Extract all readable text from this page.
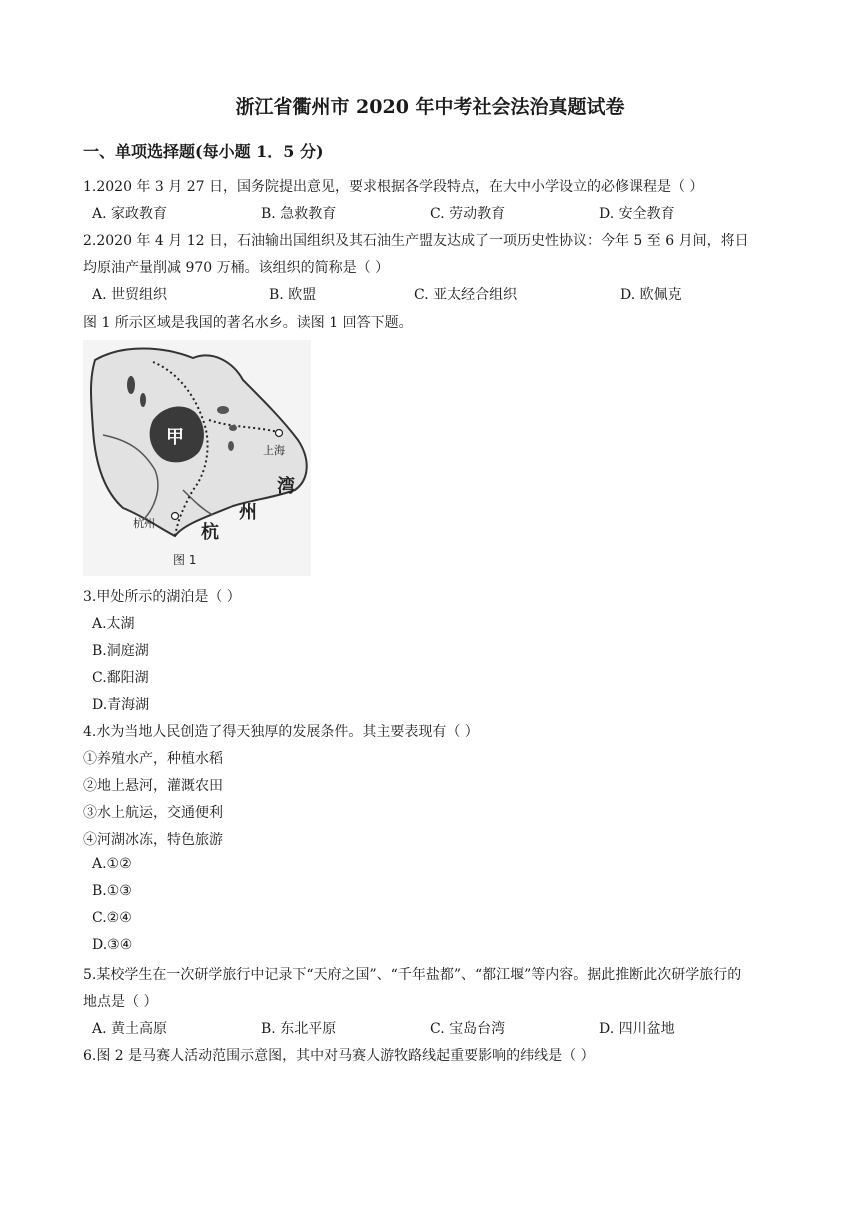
浙江省衢州市 2020 年中考社会法治真题试卷
一、单项选择题(每小题 1．5 分)
1.2020 年 3 月 27 日，国务院提出意见，要求根据各学段特点，在大中小学设立的必修课程是（ ）
A. 家政教育	B. 急救教育	C. 劳动教育	D. 安全教育
2.2020 年 4 月 12 日，石油输出国组织及其石油生产盟友达成了一项历史性协议：今年 5 至 6 月间，将日
均原油产量削减 970 万桶。该组织的简称是（ ）
A. 世贸组织	B. 欧盟	C. 亚太经合组织	D. 欧佩克
图 1 所示区域是我国的著名水乡。读图 1 回答下题。
甲
上海
杭州
湾
州
杭
图 1
3.甲处所示的湖泊是（ ）
A.太湖
B.洞庭湖
C.鄱阳湖
D.青海湖
4.水为当地人民创造了得天独厚的发展条件。其主要表现有（ ）
①养殖水产，种植水稻
②地上悬河，灌溉农田
③水上航运，交通便利
④河湖冰冻，特色旅游
A.①②
B.①③
C.②④
D.③④
5.某校学生在一次研学旅行中记录下“天府之国”、“千年盐都”、“都江堰”等内容。据此推断此次研学旅行的
地点是（ ）
A. 黄土高原	B. 东北平原	C. 宝岛台湾	D. 四川盆地
6.图 2 是马赛人活动范围示意图，其中对马赛人游牧路线起重要影响的纬线是（ ）
